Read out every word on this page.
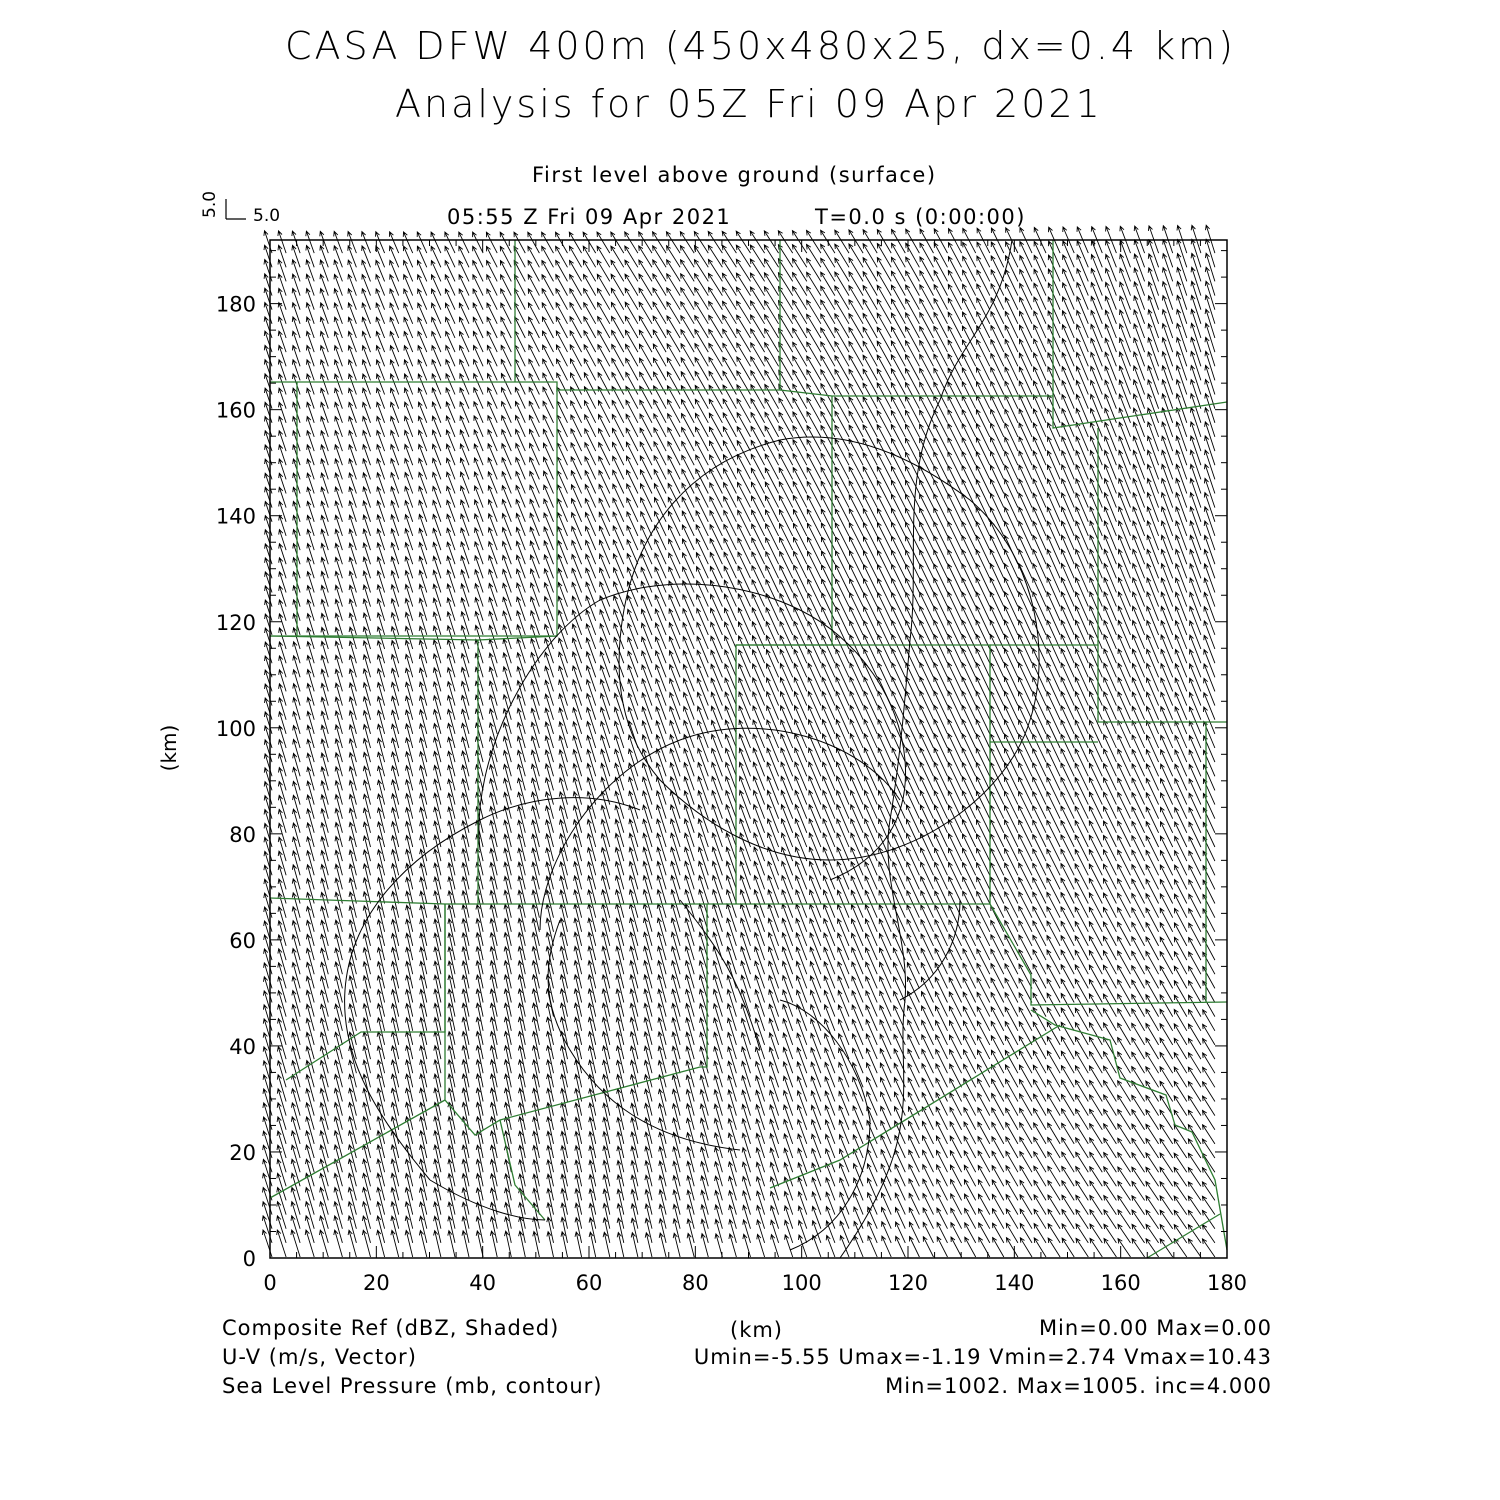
CASA DFW 400m (450x480x25, dx=0.4 km)
Analysis for 05Z Fri 09 Apr 2021
First level above ground (surface)
05:55 Z Fri 09 Apr 2021	T=0.0 s (0:00:00)
0	20	40	60	80	100	120	140	160	180
0
20
40
60
80
100
120
140
160
180
5.0 5.0
(km)
(km)
Composite Ref (dBZ, Shaded)	Min=0.00 Max=0.00
U-V (m/s, Vector)	Umin=-5.55 Umax=-1.19 Vmin=2.74 Vmax=10.43
Sea Level Pressure (mb, contour)	Min=1002. Max=1005. inc=4.000
